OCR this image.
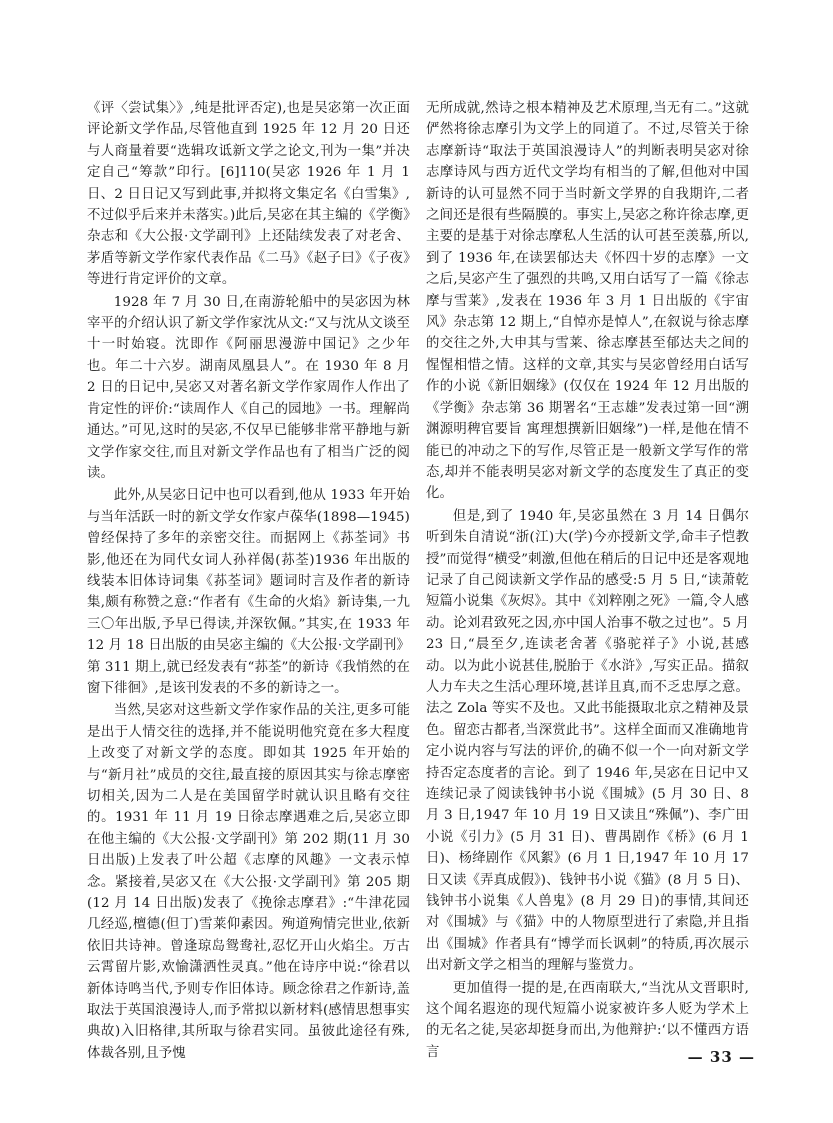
《评〈尝试集〉》,纯是批评否定),也是吴宓第一次正面评论新文学作品,尽管他直到 1925 年 12 月 20 日还与人商量着要“选辑攻诋新文学之论文,刊为一集”并决定自己“筹款”印行。[6]110(吴宓 1926 年 1 月 1 日、2 日日记又写到此事,并拟将文集定名《白雪集》,不过似乎后来并未落实。)此后,吴宓在其主编的《学衡》杂志和《大公报·文学副刊》上还陆续发表了对老舍、茅盾等新文学作家代表作品《二马》《赵子曰》《子夜》等进行肯定评价的文章。

1928 年 7 月 30 日,在南游轮船中的吴宓因为林宰平的介绍认识了新文学作家沈从文:“又与沈从文谈至十一时始寝。沈即作《阿丽思漫游中国记》之少年也。年二十六岁。湖南凤凰县人”。在 1930 年 8 月 2 日的日记中,吴宓又对著名新文学作家周作人作出了肯定性的评价:“读周作人《自己的园地》一书。理解尚通达。”可见,这时的吴宓,不仅早已能够非常平静地与新文学作家交往,而且对新文学作品也有了相当广泛的阅读。

此外,从吴宓日记中也可以看到,他从 1933 年开始与当年活跃一时的新文学女作家卢葆华(1898—1945)曾经保持了多年的亲密交往。而据网上《荪荃词》书影,他还在为同代女词人孙祥偈(荪荃)1936 年出版的线装本旧体诗词集《荪荃词》题词时言及作者的新诗集,颇有称赞之意:“作者有《生命的火焰》新诗集,一九三〇年出版,予早已得读,并深钦佩。”其实,在 1933 年 12 月 18 日出版的由吴宓主编的《大公报·文学副刊》第 311 期上,就已经发表有“荪荃”的新诗《我悄然的在窗下徘徊》,是该刊发表的不多的新诗之一。

当然,吴宓对这些新文学作家作品的关注,更多可能是出于人情交往的选择,并不能说明他究竟在多大程度上改变了对新文学的态度。即如其 1925 年开始的与“新月社”成员的交往,最直接的原因其实与徐志摩密切相关,因为二人是在美国留学时就认识且略有交往的。1931 年 11 月 19 日徐志摩遇难之后,吴宓立即在他主编的《大公报·文学副刊》第 202 期(11 月 30 日出版)上发表了叶公超《志摩的风趣》一文表示悼念。紧接着,吴宓又在《大公报·文学副刊》第 205 期(12 月 14 日出版)发表了《挽徐志摩君》:“牛津花园几经巡,檀德(但丁)雪莱仰素因。殉道殉情完世业,依新依旧共诗神。曾逢琼岛鸳鸯社,忍忆开山火焰尘。万古云霄留片影,欢愉潇洒性灵真。”他在诗序中说:“徐君以新体诗鸣当代,予则专作旧体诗。顾念徐君之作新诗,盖取法于英国浪漫诗人,而予常拟以新材料(感情思想事实典故)入旧格律,其所取与徐君实同。虽彼此途径有殊,体裁各别,且予愧

无所成就,然诗之根本精神及艺术原理,当无有二。”这就俨然将徐志摩引为文学上的同道了。不过,尽管关于徐志摩新诗“取法于英国浪漫诗人”的判断表明吴宓对徐志摩诗风与西方近代文学均有相当的了解,但他对中国新诗的认可显然不同于当时新文学界的自我期许,二者之间还是很有些隔膜的。事实上,吴宓之称许徐志摩,更主要的是基于对徐志摩私人生活的认可甚至羡慕,所以,到了 1936 年,在读罢郁达夫《怀四十岁的志摩》一文之后,吴宓产生了强烈的共鸣,又用白话写了一篇《徐志摩与雪莱》,发表在 1936 年 3 月 1 日出版的《宇宙风》杂志第 12 期上,“自悼亦是悼人”,在叙说与徐志摩的交往之外,大申其与雪莱、徐志摩甚至郁达夫之间的惺惺相惜之情。这样的文章,其实与吴宓曾经用白话写作的小说《新旧姻缘》(仅仅在 1924 年 12 月出版的《学衡》杂志第 36 期署名“王志雄”发表过第一回“溯渊源明稗官要旨 寓理想撰新旧姻缘”)一样,是他在情不能已的冲动之下的写作,尽管正是一般新文学写作的常态,却并不能表明吴宓对新文学的态度发生了真正的变化。

但是,到了 1940 年,吴宓虽然在 3 月 14 日偶尔听到朱自清说“浙(江)大(学)今亦授新文学,命丰子恺教授”而觉得“横受”刺激,但他在稍后的日记中还是客观地记录了自己阅读新文学作品的感受:5 月 5 日,“读萧乾短篇小说集《灰烬》。其中《刘粹刚之死》一篇,令人感动。论刘君致死之因,亦中国人治事不敬之过也”。5 月 23 日,“晨至夕,连读老舍著《骆驼祥子》小说,甚感动。以为此小说甚佳,脱胎于《水浒》,写实正品。描叙人力车夫之生活心理环境,甚详且真,而不乏忠厚之意。法之 Zola 等实不及也。又此书能摄取北京之精神及景色。留恋古都者,当深赏此书”。这样全面而又准确地肯定小说内容与写法的评价,的确不似一个一向对新文学持否定态度者的言论。到了 1946 年,吴宓在日记中又连续记录了阅读钱钟书小说《围城》(5 月 30 日、8 月 3 日,1947 年 10 月 19 日又读且“殊佩”)、李广田小说《引力》(5 月 31 日)、曹禺剧作《桥》(6 月 1 日)、杨绛剧作《风絮》(6 月 1 日,1947 年 10 月 17 日又读《弄真成假》)、钱钟书小说《猫》(8 月 5 日)、钱钟书小说集《人兽鬼》(8 月 29 日)的事情,其间还对《围城》与《猫》中的人物原型进行了索隐,并且指出《围城》作者具有“博学而长讽刺”的特质,再次展示出对新文学之相当的理解与鉴赏力。

更加值得一提的是,在西南联大,“当沈从文晋职时,这个闻名遐迩的现代短篇小说家被许多人贬为学术上的无名之徒,吴宓却挺身而出,为他辩护:‘以不懂西方语言	— 33 —
